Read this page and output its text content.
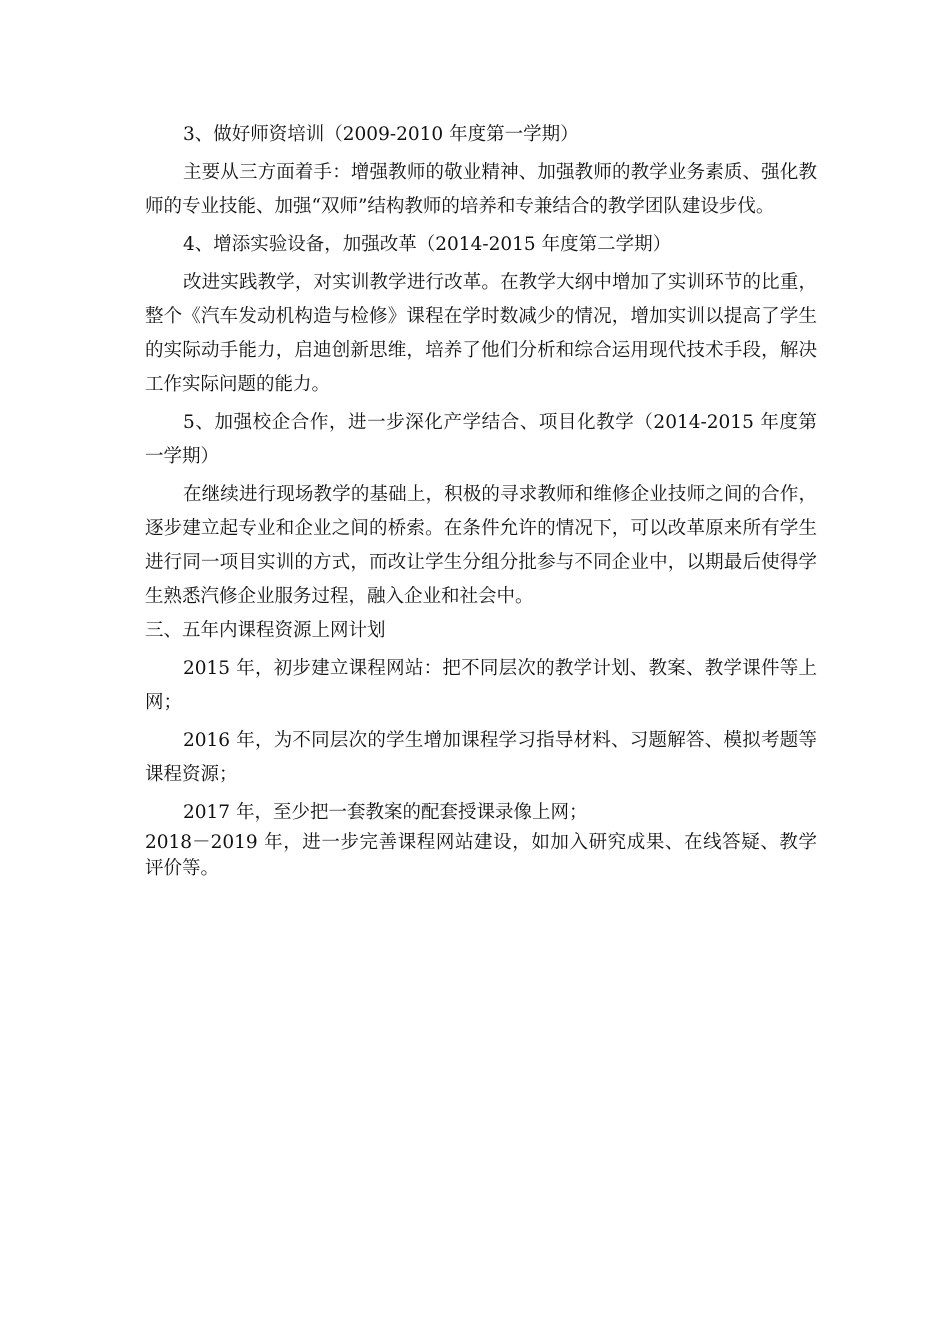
3、做好师资培训（2009-2010 年度第一学期）

主要从三方面着手：增强教师的敬业精神、加强教师的教学业务素质、强化教师的专业技能、加强“双师”结构教师的培养和专兼结合的教学团队建设步伐。

4、增添实验设备，加强改革（2014-2015 年度第二学期）

改进实践教学，对实训教学进行改革。在教学大纲中增加了实训环节的比重，整个《汽车发动机构造与检修》课程在学时数减少的情况，增加实训以提高了学生的实际动手能力，启迪创新思维，培养了他们分析和综合运用现代技术手段，解决工作实际问题的能力。

5、加强校企合作，进一步深化产学结合、项目化教学（2014-2015 年度第一学期）

在继续进行现场教学的基础上，积极的寻求教师和维修企业技师之间的合作，逐步建立起专业和企业之间的桥索。在条件允许的情况下，可以改革原来所有学生进行同一项目实训的方式，而改让学生分组分批参与不同企业中，以期最后使得学生熟悉汽修企业服务过程，融入企业和社会中。

三、五年内课程资源上网计划

2015 年，初步建立课程网站：把不同层次的教学计划、教案、教学课件等上网；

2016 年，为不同层次的学生增加课程学习指导材料、习题解答、模拟考题等课程资源；

2017 年，至少把一套教案的配套授课录像上网；

2018－2019 年，进一步完善课程网站建设，如加入研究成果、在线答疑、教学评价等。
